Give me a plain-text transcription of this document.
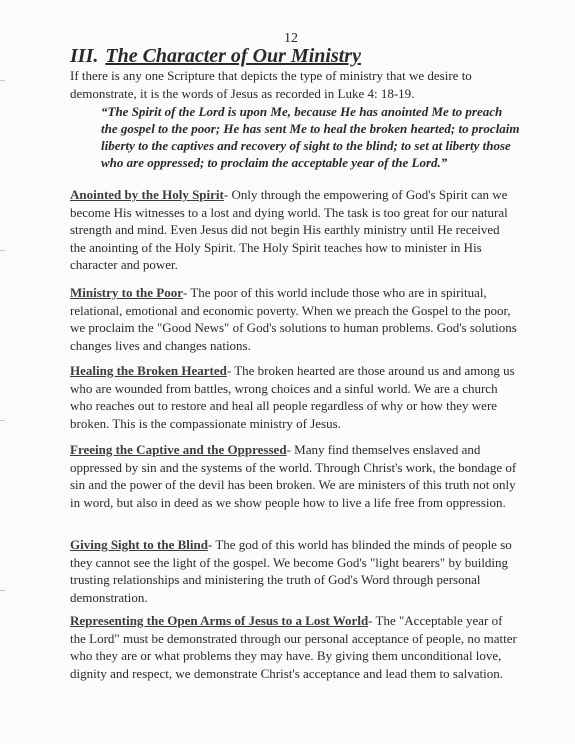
12
III. The Character of Our Ministry
If there is any one Scripture that depicts the type of ministry that we desire to demonstrate, it is the words of Jesus as recorded in Luke 4: 18-19.
“The Spirit of the Lord is upon Me, because He has anointed Me to preach the gospel to the poor; He has sent Me to heal the broken hearted; to proclaim liberty to the captives and recovery of sight to the blind; to set at liberty those who are oppressed; to proclaim the acceptable year of the Lord.”
Anointed by the Holy Spirit- Only through the empowering of God's Spirit can we become His witnesses to a lost and dying world. The task is too great for our natural strength and mind. Even Jesus did not begin His earthly ministry until He received the anointing of the Holy Spirit. The Holy Spirit teaches how to minister in His character and power.
Ministry to the Poor- The poor of this world include those who are in spiritual, relational, emotional and economic poverty. When we preach the Gospel to the poor, we proclaim the "Good News" of God's solutions to human problems. God's solutions changes lives and changes nations.
Healing the Broken Hearted- The broken hearted are those around us and among us who are wounded from battles, wrong choices and a sinful world. We are a church who reaches out to restore and heal all people regardless of why or how they were broken. This is the compassionate ministry of Jesus.
Freeing the Captive and the Oppressed- Many find themselves enslaved and oppressed by sin and the systems of the world. Through Christ's work, the bondage of sin and the power of the devil has been broken. We are ministers of this truth not only in word, but also in deed as we show people how to live a life free from oppression.
Giving Sight to the Blind- The god of this world has blinded the minds of people so they cannot see the light of the gospel. We become God's "light bearers" by building trusting relationships and ministering the truth of God's Word through personal demonstration.
Representing the Open Arms of Jesus to a Lost World- The "Acceptable year of the Lord" must be demonstrated through our personal acceptance of people, no matter who they are or what problems they may have. By giving them unconditional love, dignity and respect, we demonstrate Christ's acceptance and lead them to salvation.
